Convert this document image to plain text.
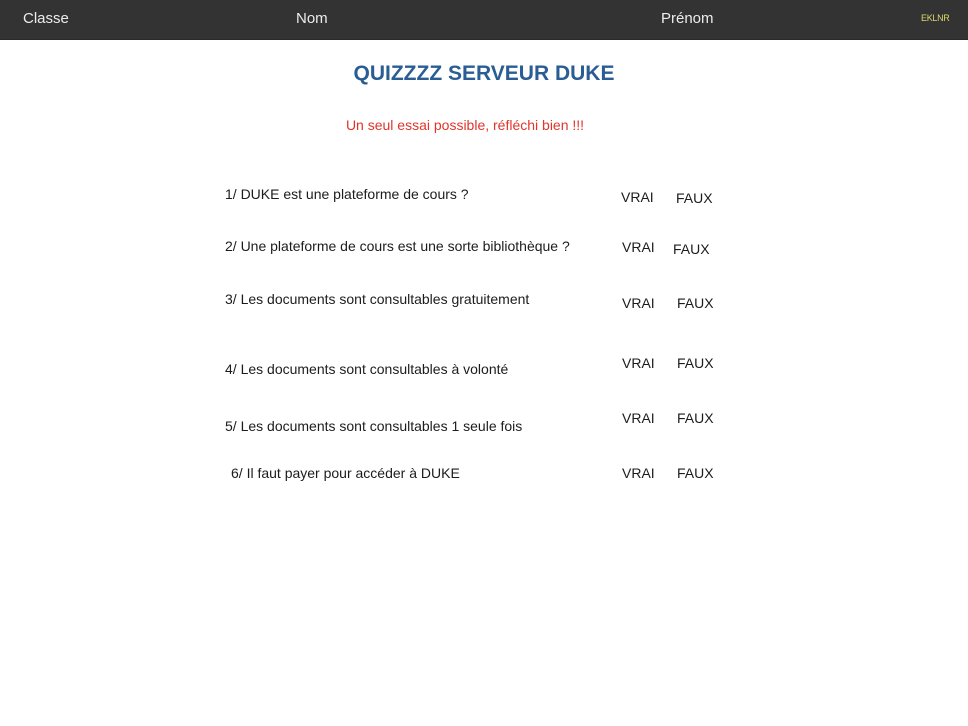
Classe	Nom	Prénom	EKLNR
QUIZZZZ SERVEUR DUKE
Un seul essai possible, réfléchi bien !!!
1/ DUKE est une plateforme de cours ?	VRAI FAUX
2/ Une plateforme de cours est une sorte bibliothèque ?	VRAI FAUX
3/ Les documents sont consultables gratuitement	VRAI FAUX
4/ Les documents sont consultables à volonté	VRAI FAUX
5/ Les documents sont consultables 1 seule fois	VRAI FAUX
6/ Il faut payer pour accéder à DUKE	VRAI FAUX
